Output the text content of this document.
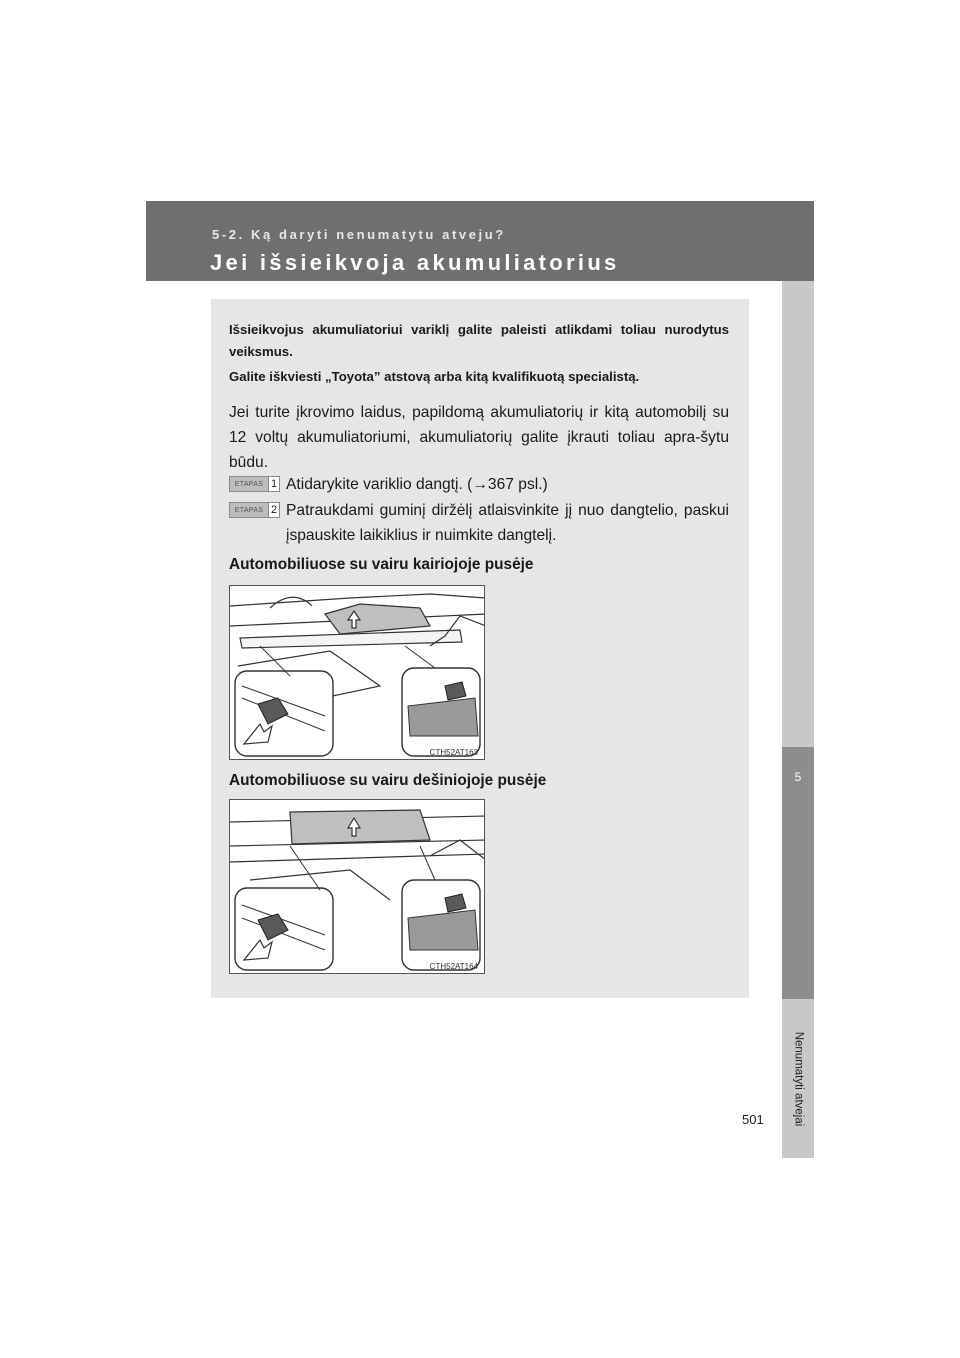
5-2. Ką daryti nenumatytu atveju?
Jei išsieikvoja akumuliatorius
5
Nenumatyti atvejai
Išsieikvojus akumuliatoriui variklį galite paleisti atlikdami toliau nurodytus veiksmus.
Galite iškviesti „Toyota” atstovą arba kitą kvalifikuotą specialistą.
Jei turite įkrovimo laidus, papildomą akumuliatorių ir kitą automobilį su 12 voltų akumuliatoriumi, akumuliatorių galite įkrauti toliau apra-šytu būdu.
ETAPAS 1 Atidarykite variklio dangtį. (→367 psl.)
ETAPAS 2 Patraukdami guminį diržėlį atlaisvinkite jį nuo dangtelio, paskui įspauskite laikiklius ir nuimkite dangtelį.
Automobiliuose su vairu kairiojoje pusėje
CTH52AT163
Automobiliuose su vairu dešiniojoje pusėje
CTH52AT164
501
